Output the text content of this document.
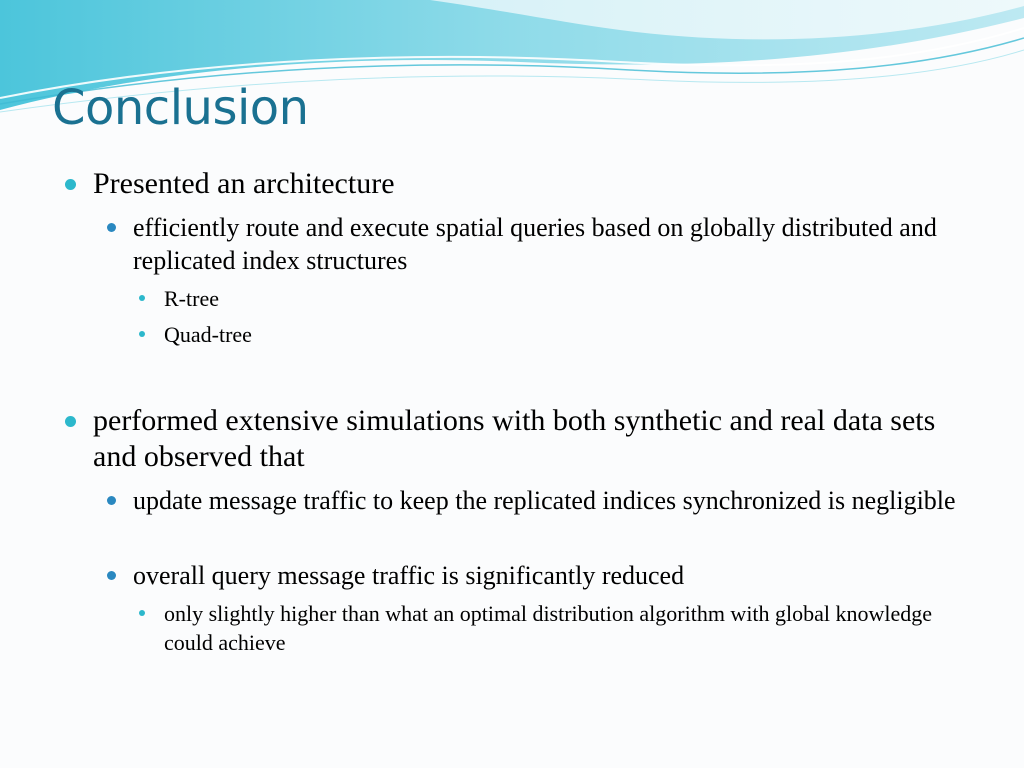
Conclusion

Presented an architecture

efficiently route and execute spatial queries based on globally distributed and replicated index structures

R-tree

Quad-tree

performed extensive simulations with both synthetic and real data sets and observed that

update message traffic to keep the replicated indices synchronized is negligible

overall query message traffic is significantly reduced

only slightly higher than what an optimal distribution algorithm with global knowledge could achieve
